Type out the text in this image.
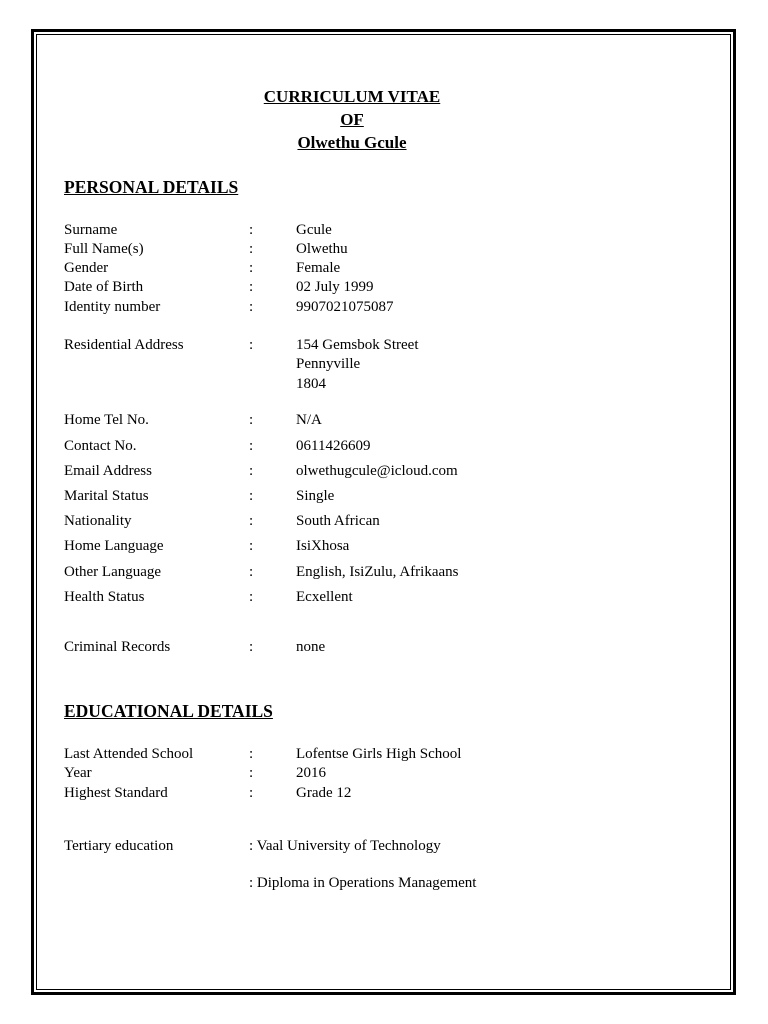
CURRICULUM VITAE
OF
Olwethu Gcule
PERSONAL DETAILS
Surname	:	Gcule
Full Name(s)	:	Olwethu
Gender	:	Female
Date of Birth	:	02 July 1999
Identity number	:	9907021075087
Residential Address	:	154 Gemsbok Street
Pennyville
1804
Home Tel No.	:	N/A
Contact No.	:	0611426609
Email Address	:	olwethugcule@icloud.com
Marital Status	:	Single
Nationality	:	South African
Home Language	:	IsiXhosa
Other Language	:	English, IsiZulu, Afrikaans
Health Status	:	Ecxellent
Criminal Records	:	none
EDUCATIONAL DETAILS
Last Attended School	:	Lofentse Girls High School
Year	:	2016
Highest Standard	:	Grade 12
Tertiary education	: Vaal University of Technology
: Diploma in Operations Management
